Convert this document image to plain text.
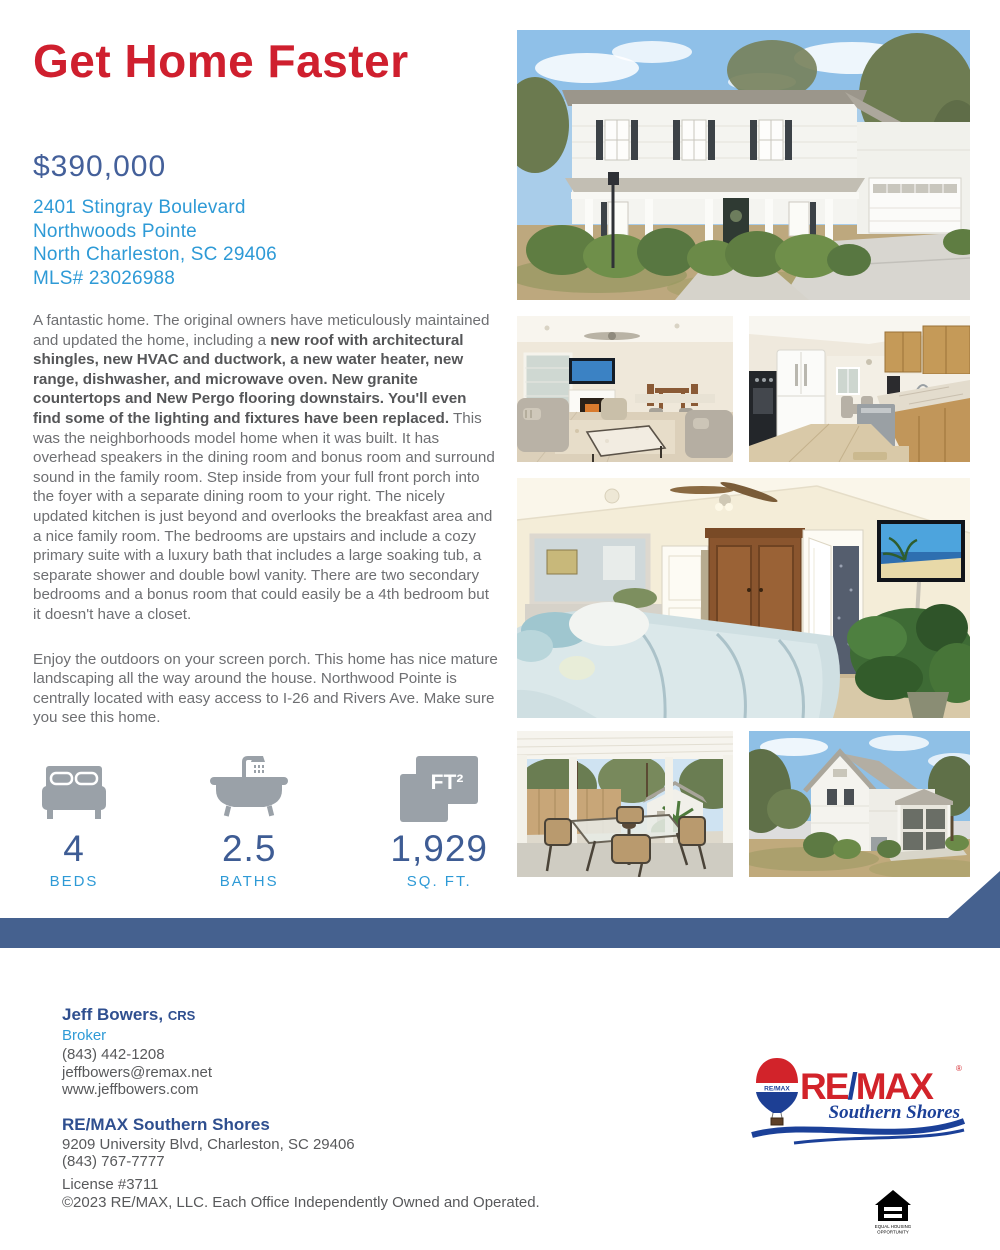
Get Home Faster
$390,000
2401 Stingray Boulevard
Northwoods Pointe
North Charleston, SC 29406
MLS# 23026988

A fantastic home. The original owners have meticulously maintained and updated the home, including a new roof with architectural shingles, new HVAC and ductwork, a new water heater, new range, dishwasher, and microwave oven. New granite countertops and New Pergo flooring downstairs. You'll even find some of the lighting and fixtures have been replaced. This was the neighborhoods model home when it was built. It has overhead speakers in the dining room and bonus room and surround sound in the family room. Step inside from your full front porch into the foyer with a separate dining room to your right. The nicely updated kitchen is just beyond and overlooks the breakfast area and a nice family room. The bedrooms are upstairs and include a cozy primary suite with a luxury bath that includes a large soaking tub, a separate shower and double bowl vanity. There are two secondary bedrooms and a bonus room that could easily be a 4th bedroom but it doesn't have a closet.

Enjoy the outdoors on your screen porch. This home has nice mature landscaping all the way around the house. Northwood Pointe is centrally located with easy access to I-26 and Rivers Ave. Make sure you see this home.

4
BEDS
2.5
BATHS
FT²
1,929
SQ. FT.
Jeff Bowers, CRS
Broker
(843) 442-1208
jeffbowers@remax.net
www.jeffbowers.com
RE/MAX Southern Shores
9209 University Blvd, Charleston, SC 29406
(843) 767-7777
License #3711
©2023 RE/MAX, LLC. Each Office Independently Owned and Operated.
RE/MAX RE/MAX	®
Southern Shores
EQUAL HOUSING
OPPORTUNITY
